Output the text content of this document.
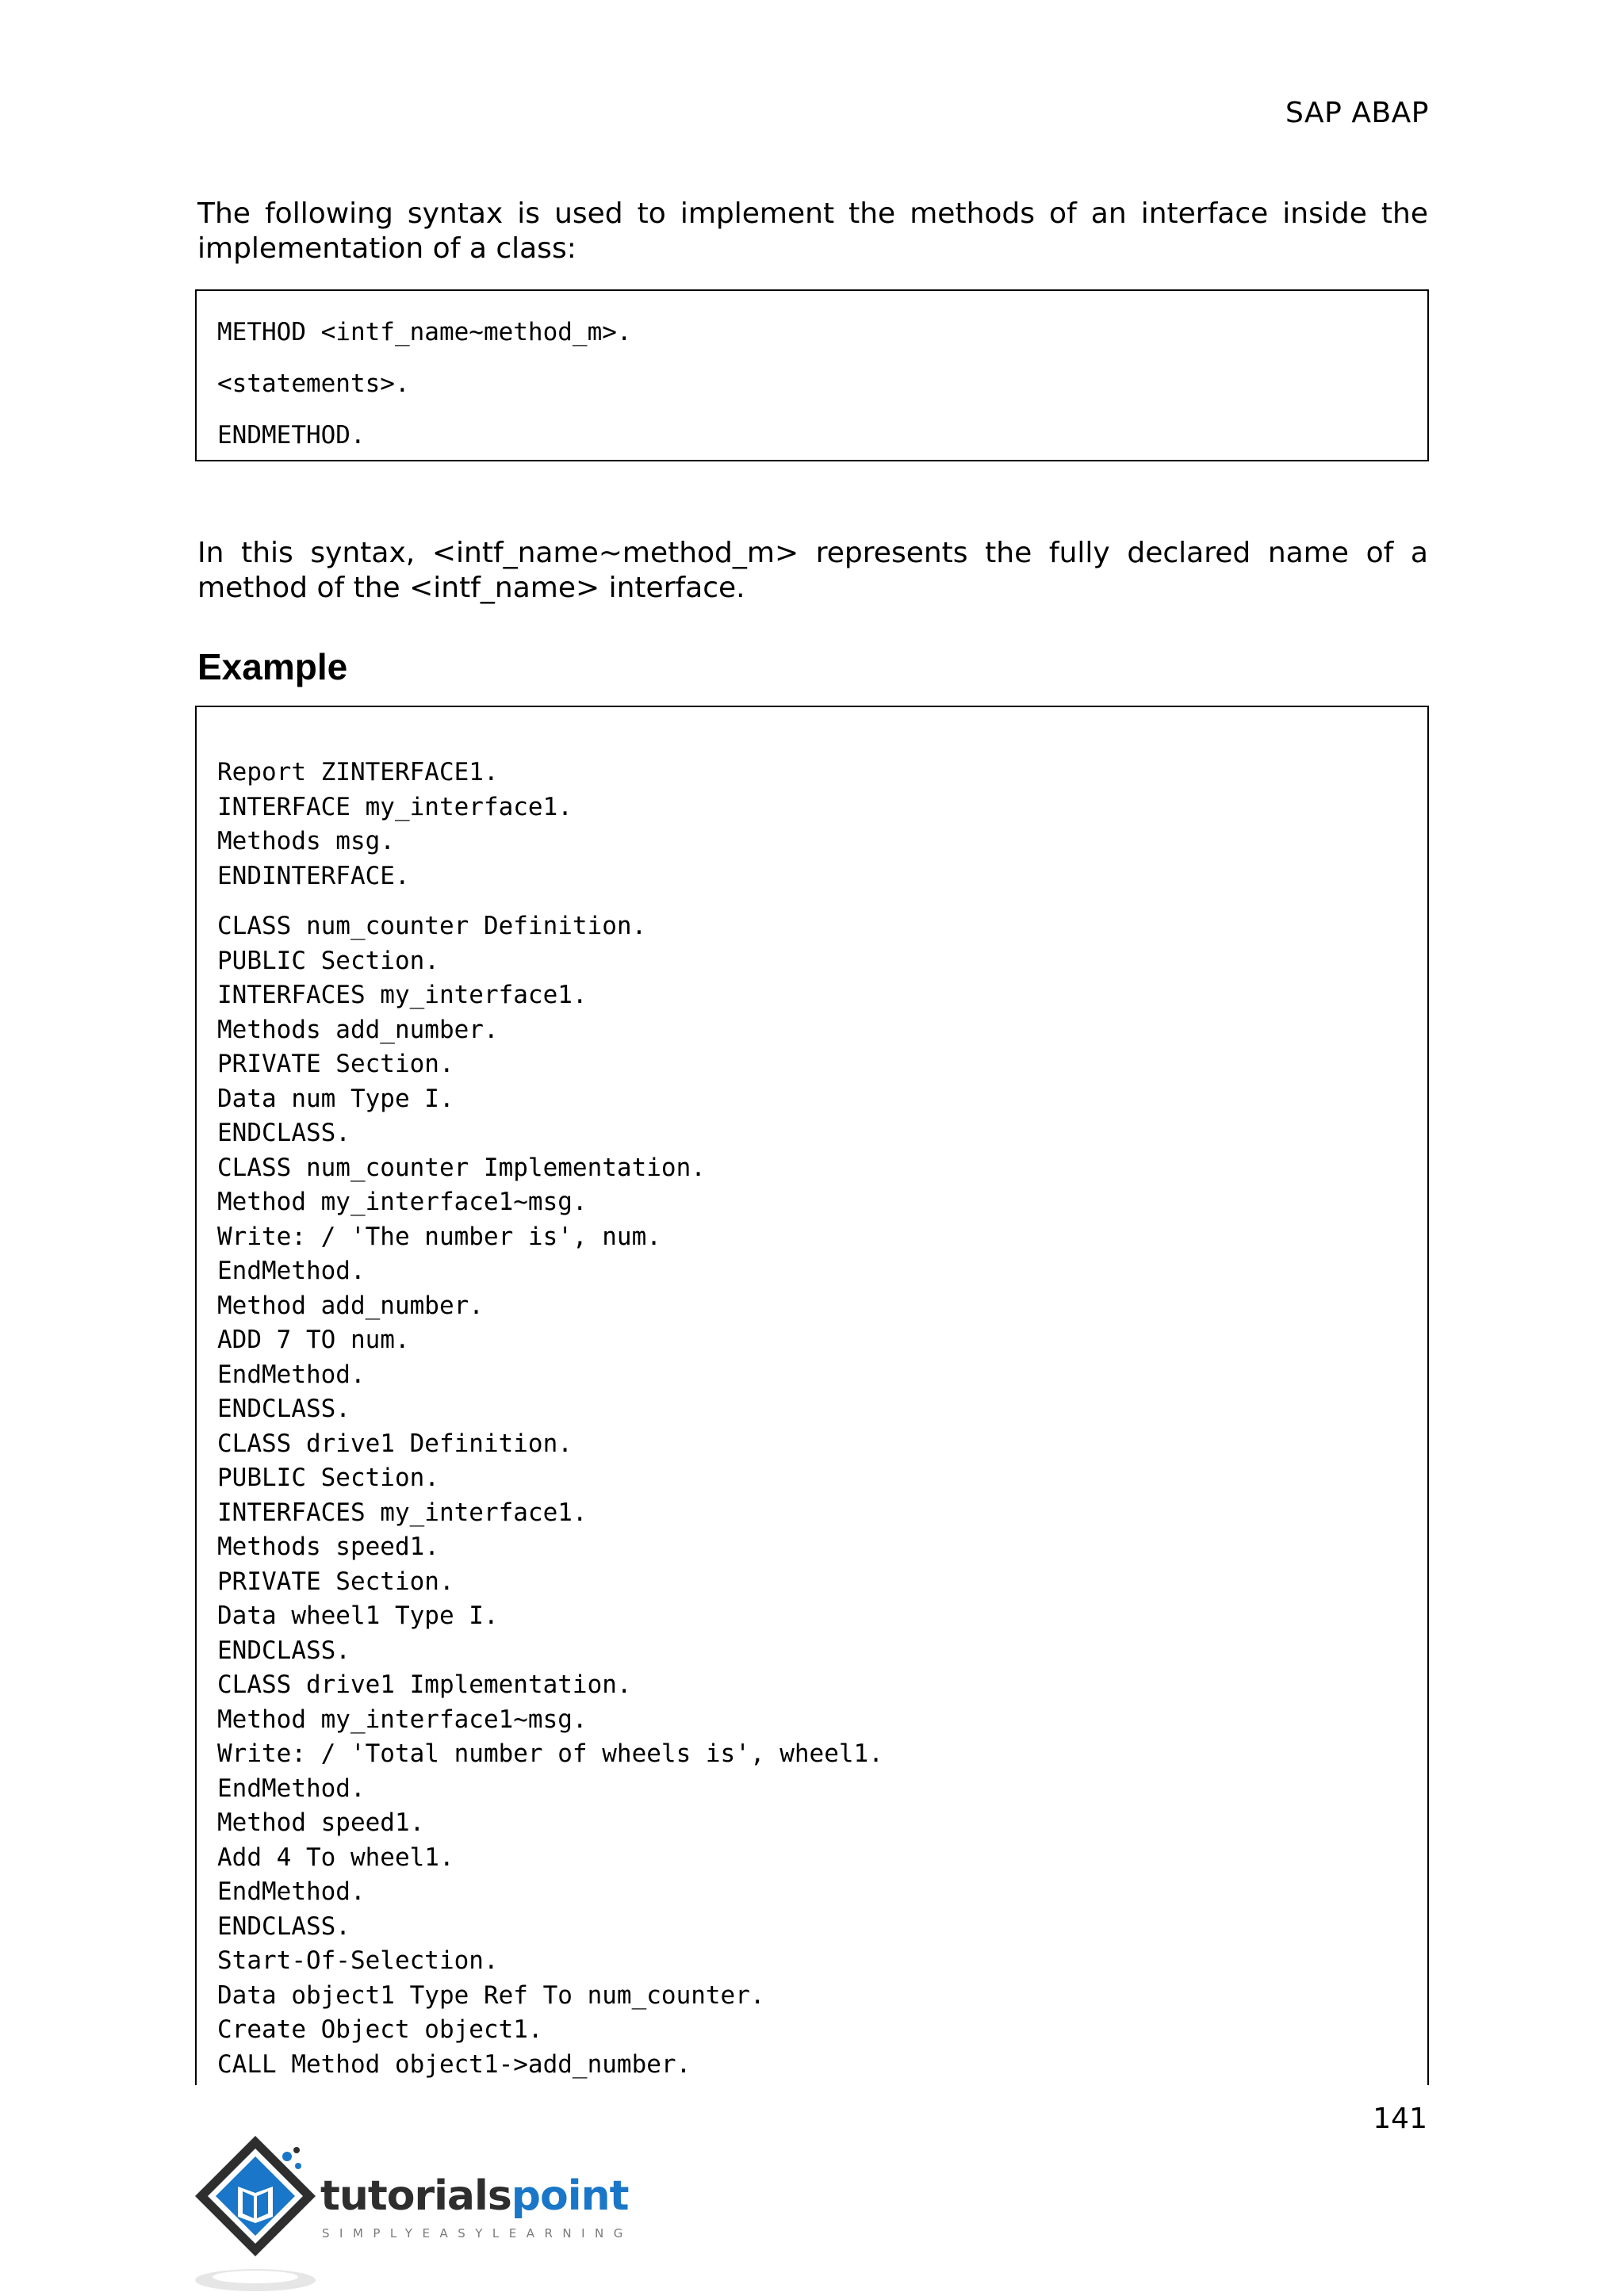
SAP ABAP

The following syntax is used to implement the methods of an interface inside the implementation of a class:

METHOD <intf_name~method_m>.
<statements>.
ENDMETHOD.

In this syntax, <intf_name~method_m> represents the fully declared name of a method of the <intf_name> interface.

Example
Report ZINTERFACE1.
INTERFACE my_interface1.
Methods msg.
ENDINTERFACE.
CLASS num_counter Definition.
PUBLIC Section.
INTERFACES my_interface1.
Methods add_number.
PRIVATE Section.
Data num Type I.
ENDCLASS.
CLASS num_counter Implementation.
Method my_interface1~msg.
Write: / 'The number is', num.
EndMethod.
Method add_number.
ADD 7 TO num.
EndMethod.
ENDCLASS.
CLASS drive1 Definition.
PUBLIC Section.
INTERFACES my_interface1.
Methods speed1.
PRIVATE Section.
Data wheel1 Type I.
ENDCLASS.
CLASS drive1 Implementation.
Method my_interface1~msg.
Write: / 'Total number of wheels is', wheel1.
EndMethod.
Method speed1.
Add 4 To wheel1.
EndMethod.
ENDCLASS.
Start-Of-Selection.
Data object1 Type Ref To num_counter.
Create Object object1.
CALL Method object1->add_number.
141
tutorialspoint
SIMPLYEASYLEARNING
